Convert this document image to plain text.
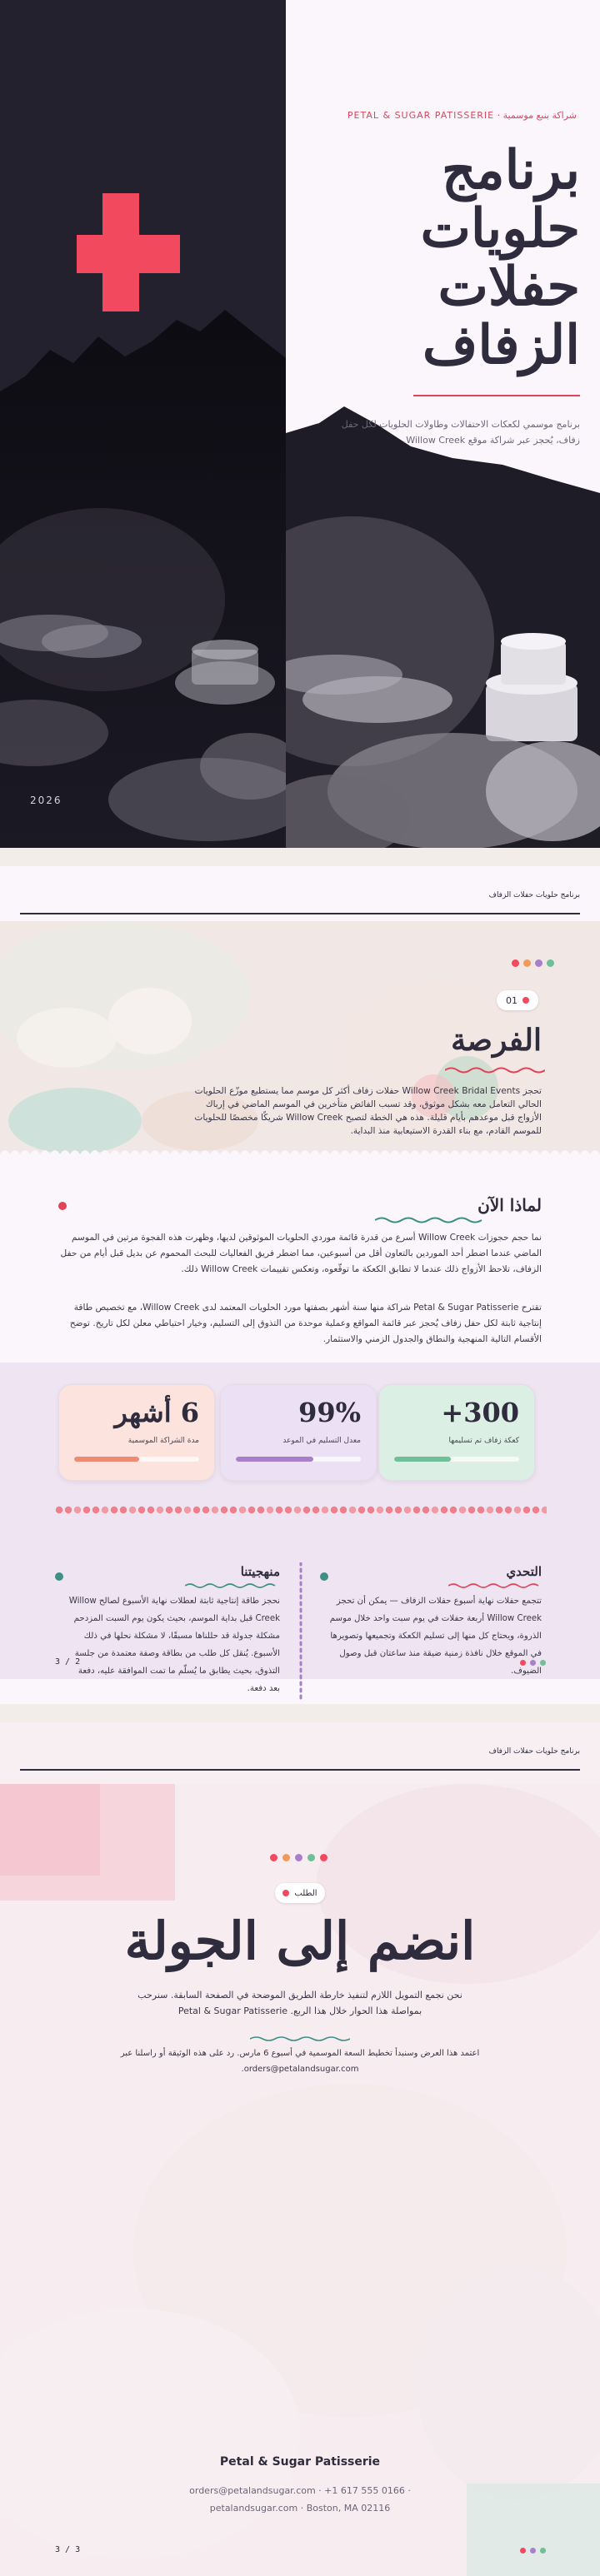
2026
شراكة بنبع موسمية · PETAL & SUGAR PATISSERIE
برنامج
حلويات
حفلات
الزفاف
برنامج موسمي لكعكات الاحتفالات وطاولات الحلويات لكل حفل زفاف، يُحجز عبر شراكة موقع Willow Creek.
برنامج حلويات حفلات الزفاف
01
الفرصة
تحجز Willow Creek Bridal Events حفلات زفاف أكثر كل موسم مما يستطيع موزّع الحلويات الحالي التعامل معه بشكل موثوق، وقد تسبب الفائض متأخرين في الموسم الماضي في إرباك الأزواج قبل موعدهم بأيام قليلة. هذه هي الخطة لتصبح Willow Creek شريكًا مخصصًا للحلويات للموسم القادم، مع بناء القدرة الاستيعابية منذ البداية.
لماذا الآن
نما حجم حجوزات Willow Creek أسرع من قدرة قائمة موردي الحلويات الموثوقين لديها، وظهرت هذه الفجوة مرتين في الموسم الماضي عندما اضطر أحد الموردين بالتعاون أقل من أسبوعين، مما اضطر فريق الفعاليات للبحث المحموم عن بديل قبل أيام من حفل الزفاف، تلاحظ الأزواج ذلك عندما لا تطابق الكعكة ما توقّعوه، وتعكس تقييمات Willow Creek ذلك.
تقترح Petal & Sugar Patisserie شراكة منها سنة أشهر بصفتها مورد الحلويات المعتمد لدى Willow Creek، مع تخصيص طاقة إنتاجية ثابتة لكل حفل زفاف يُحجز عبر قائمة المواقع وعملية موحدة من التذوق إلى التسليم، وخيار احتياطي معلن لكل تاريخ. توضح الأقسام التالية المنهجية والنطاق والجدول الزمني والاستثمار.
300+
كعكة زفاف تم تسليمها
99%
معدل التسليم في الموعد
6 أشهر
مدة الشراكة الموسمية
التحدي
تتجمع حفلات نهاية أسبوع حفلات الزفاف — يمكن أن تحجز Willow Creek أربعة حفلات في يوم سبت واحد خلال موسم الذروة، ويحتاج كل منها إلى تسليم الكعكة وتجميعها وتصويرها في الموقع خلال نافذة زمنية ضيقة منذ ساعتان قبل وصول الضيوف.
منهجيتنا
نحجز طاقة إنتاجية ثابتة لعطلات نهاية الأسبوع لصالح Willow Creek قبل بداية الموسم، بحيث يكون يوم السبت المزدحم مشكلة جدولة قد حللناها مسبقًا، لا مشكلة نحلها في ذلك الأسبوع. يُنقل كل طلب من بطاقة وصفة معتمدة من جلسة التذوق، بحيث يطابق ما يُسلّم ما تمت الموافقة عليه، دفعة بعد دفعة.
3 / 2
برنامج حلويات حفلات الزفاف
الطلب
انضم إلى الجولة
نحن نجمع التمويل اللازم لتنفيذ خارطة الطريق الموضحة في الصفحة السابقة. سنرحب بمواصلة هذا الحوار خلال هذا الربع. Petal & Sugar Patisserie
اعتمد هذا العرض وسنبدأ تخطيط السعة الموسمية في أسبوع 6 مارس. رد على هذه الوثيقة أو راسلنا عبر orders@petalandsugar.com.
Petal & Sugar Patisserie
orders@petalandsugar.com · +1 617 555 0166 · petalandsugar.com · Boston, MA 02116
3 / 3
